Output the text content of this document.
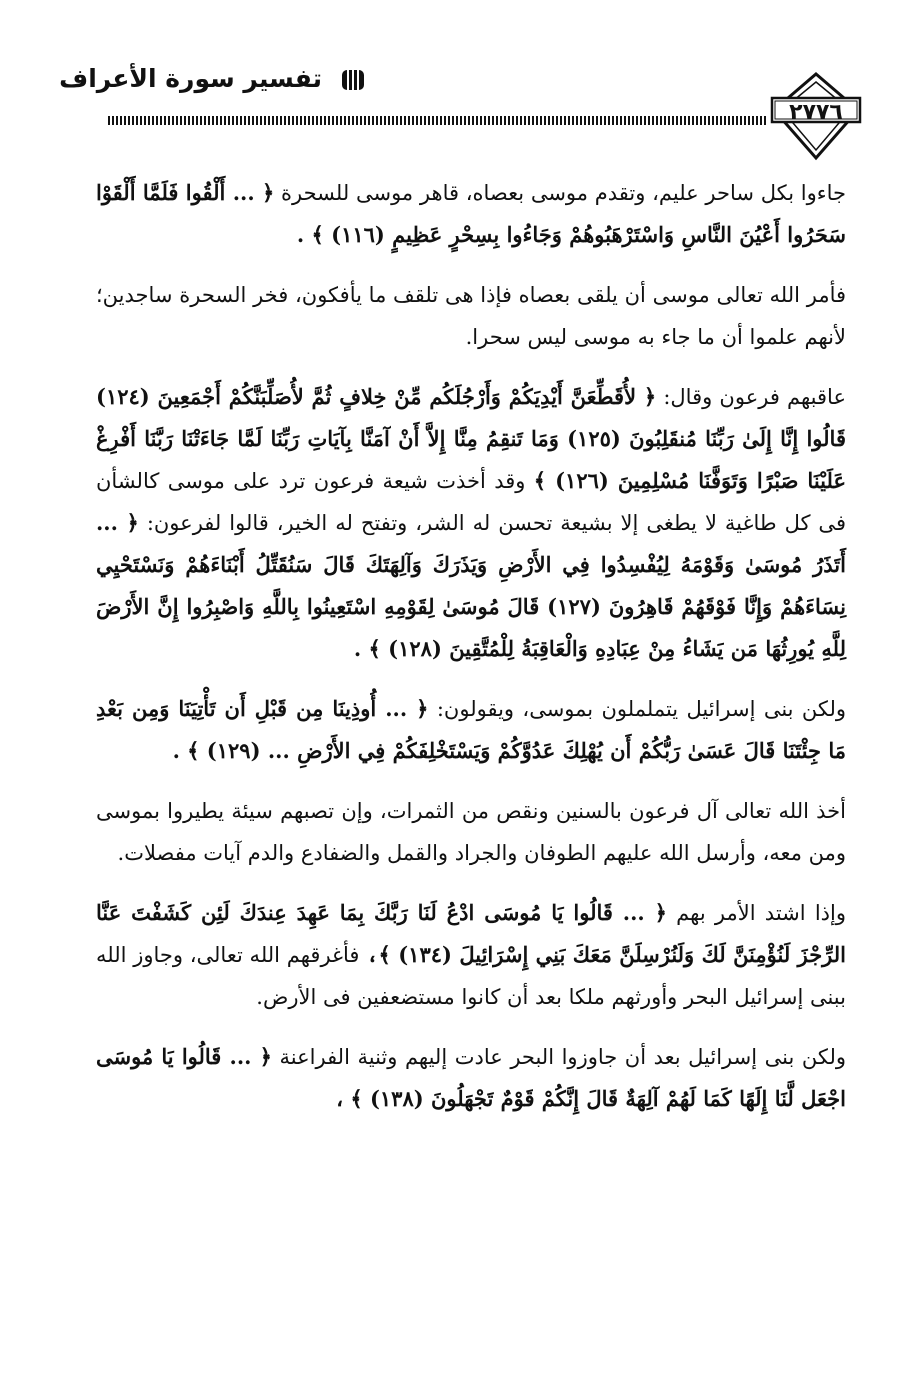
٢٧٧٦
تفسير سورة الأعراف

جاءوا بكل ساحر عليم، وتقدم موسى بعصاه، قاهر موسى للسحرة ﴿ ... أَلْقُوا فَلَمَّا أَلْقَوْا سَحَرُوا أَعْيُنَ النَّاسِ وَاسْتَرْهَبُوهُمْ وَجَاءُوا بِسِحْرٍ عَظِيمٍ (١١٦) ﴾ .

فأمر الله تعالى موسى أن يلقى بعصاه فإذا هى تلقف ما يأفكون، فخر السحرة ساجدين؛ لأنهم علموا أن ما جاء به موسى ليس سحرا.

عاقبهم فرعون وقال: ﴿ لأُقَطِّعَنَّ أَيْدِيَكُمْ وَأَرْجُلَكُم مِّنْ خِلافٍ ثُمَّ لأُصَلِّبَنَّكُمْ أَجْمَعِينَ (١٢٤) قَالُوا إِنَّا إِلَىٰ رَبِّنَا مُنقَلِبُونَ (١٢٥) وَمَا تَنقِمُ مِنَّا إِلاَّ أَنْ آمَنَّا بِآيَاتِ رَبِّنَا لَمَّا جَاءَتْنَا رَبَّنَا أَفْرِغْ عَلَيْنَا صَبْرًا وَتَوَفَّنَا مُسْلِمِينَ (١٢٦) ﴾ وقد أخذت شيعة فرعون ترد على موسى كالشأن فى كل طاغية لا يطغى إلا بشيعة تحسن له الشر، وتفتح له الخير، قالوا لفرعون: ﴿ ... أَتَذَرُ مُوسَىٰ وَقَوْمَهُ لِيُفْسِدُوا فِي الأَرْضِ وَيَذَرَكَ وَآلِهَتَكَ قَالَ سَنُقَتِّلُ أَبْنَاءَهُمْ وَنَسْتَحْيِي نِسَاءَهُمْ وَإِنَّا فَوْقَهُمْ قَاهِرُونَ (١٢٧) قَالَ مُوسَىٰ لِقَوْمِهِ اسْتَعِينُوا بِاللَّهِ وَاصْبِرُوا إِنَّ الأَرْضَ لِلَّهِ يُورِثُهَا مَن يَشَاءُ مِنْ عِبَادِهِ وَالْعَاقِبَةُ لِلْمُتَّقِينَ (١٢٨) ﴾ .

ولكن بنى إسرائيل يتململون بموسى، ويقولون: ﴿ ... أُوذِينَا مِن قَبْلِ أَن تَأْتِيَنَا وَمِن بَعْدِ مَا جِئْتَنَا قَالَ عَسَىٰ رَبُّكُمْ أَن يُهْلِكَ عَدُوَّكُمْ وَيَسْتَخْلِفَكُمْ فِي الأَرْضِ ... (١٢٩) ﴾ .

أخذ الله تعالى آل فرعون بالسنين ونقص من الثمرات، وإن تصبهم سيئة يطيروا بموسى ومن معه، وأرسل الله عليهم الطوفان والجراد والقمل والضفادع والدم آيات مفصلات.

وإذا اشتد الأمر بهم ﴿ ... قَالُوا يَا مُوسَى ادْعُ لَنَا رَبَّكَ بِمَا عَهِدَ عِندَكَ لَئِن كَشَفْتَ عَنَّا الرِّجْزَ لَنُؤْمِنَنَّ لَكَ وَلَنُرْسِلَنَّ مَعَكَ بَنِي إِسْرَائِيلَ (١٣٤) ﴾، فأغرقهم الله تعالى، وجاوز الله ببنى إسرائيل البحر وأورثهم ملكا بعد أن كانوا مستضعفين فى الأرض.

ولكن بنى إسرائيل بعد أن جاوزوا البحر عادت إليهم وثنية الفراعنة ﴿ ... قَالُوا يَا مُوسَى اجْعَل لَّنَا إِلَهًا كَمَا لَهُمْ آلِهَةٌ قَالَ إِنَّكُمْ قَوْمٌ تَجْهَلُونَ (١٣٨) ﴾ ،
